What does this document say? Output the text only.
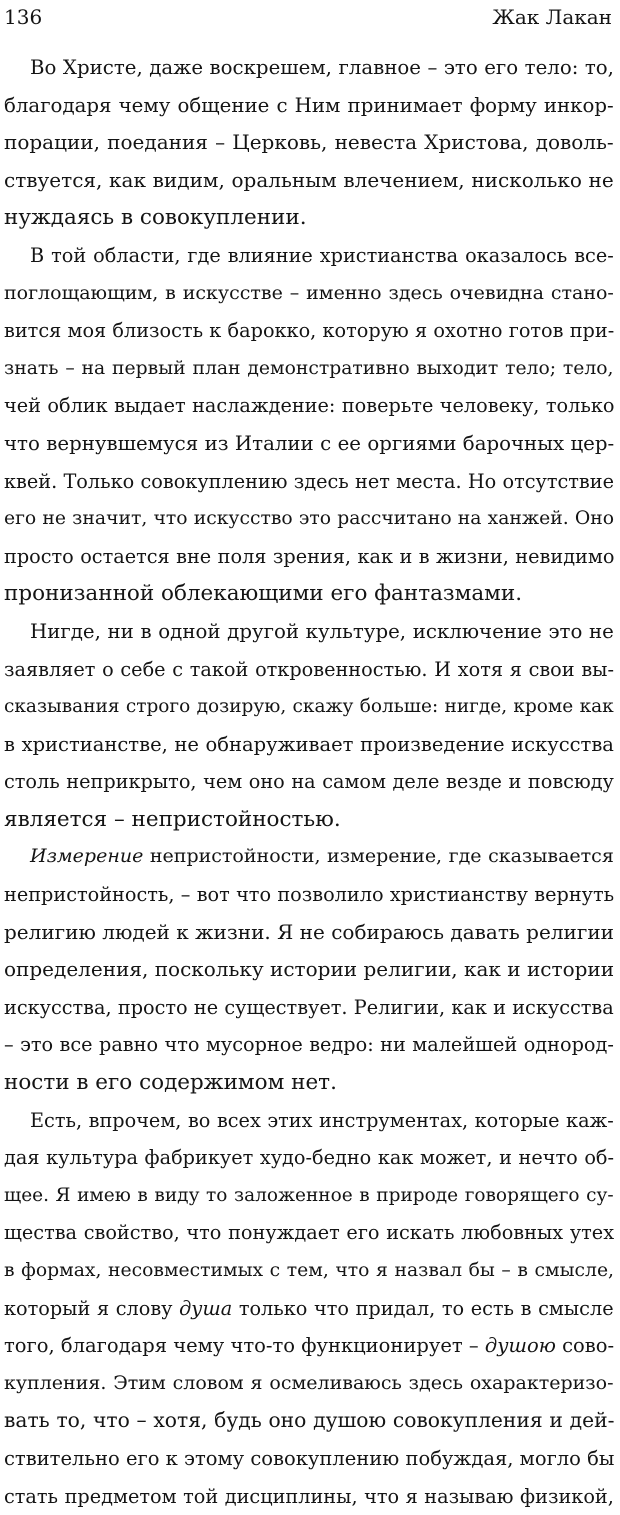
136	Жак Лакан
Во Христе, даже воскрешем, главное – это его тело: то,
благодаря чему общение с Ним принимает форму инкор-
порации, поедания – Церковь, невеста Христова, доволь-
ствуется, как видим, оральным влечением, нисколько не
нуждаясь в совокуплении.
В той области, где влияние христианства оказалось все-
поглощающим, в искусстве – именно здесь очевидна стано-
вится моя близость к барокко, которую я охотно готов при-
знать – на первый план демонстративно выходит тело; тело,
чей облик выдает наслаждение: поверьте человеку, только
что вернувшемуся из Италии с ее оргиями барочных цер-
квей. Только совокуплению здесь нет места. Но отсутствие
его не значит, что искусство это рассчитано на ханжей. Оно
просто остается вне поля зрения, как и в жизни, невидимо
пронизанной облекающими его фантазмами.
Нигде, ни в одной другой культуре, исключение это не
заявляет о себе с такой откровенностью. И хотя я свои вы-
сказывания строго дозирую, скажу больше: нигде, кроме как
в христианстве, не обнаруживает произведение искусства
столь неприкрыто, чем оно на самом деле везде и повсюду
является – непристойностью.
Измерение непристойности, измерение, где сказывается
непристойность, – вот что позволило христианству вернуть
религию людей к жизни. Я не собираюсь давать религии
определения, поскольку истории религии, как и истории
искусства, просто не существует. Религии, как и искусства
– это все равно что мусорное ведро: ни малейшей однород-
ности в его содержимом нет.
Есть, впрочем, во всех этих инструментах, которые каж-
дая культура фабрикует худо-бедно как может, и нечто об-
щее. Я имею в виду то заложенное в природе говорящего су-
щества свойство, что понуждает его искать любовных утех
в формах, несовместимых с тем, что я назвал бы – в смысле,
который я слову душа только что придал, то есть в смысле
того, благодаря чему что-то функционирует – душою сово-
купления. Этим словом я осмеливаюсь здесь охарактеризо-
вать то, что – хотя, будь оно душою совокупления и дей-
ствительно его к этому совокуплению побуждая, могло бы
стать предметом той дисциплины, что я называю физикой,
